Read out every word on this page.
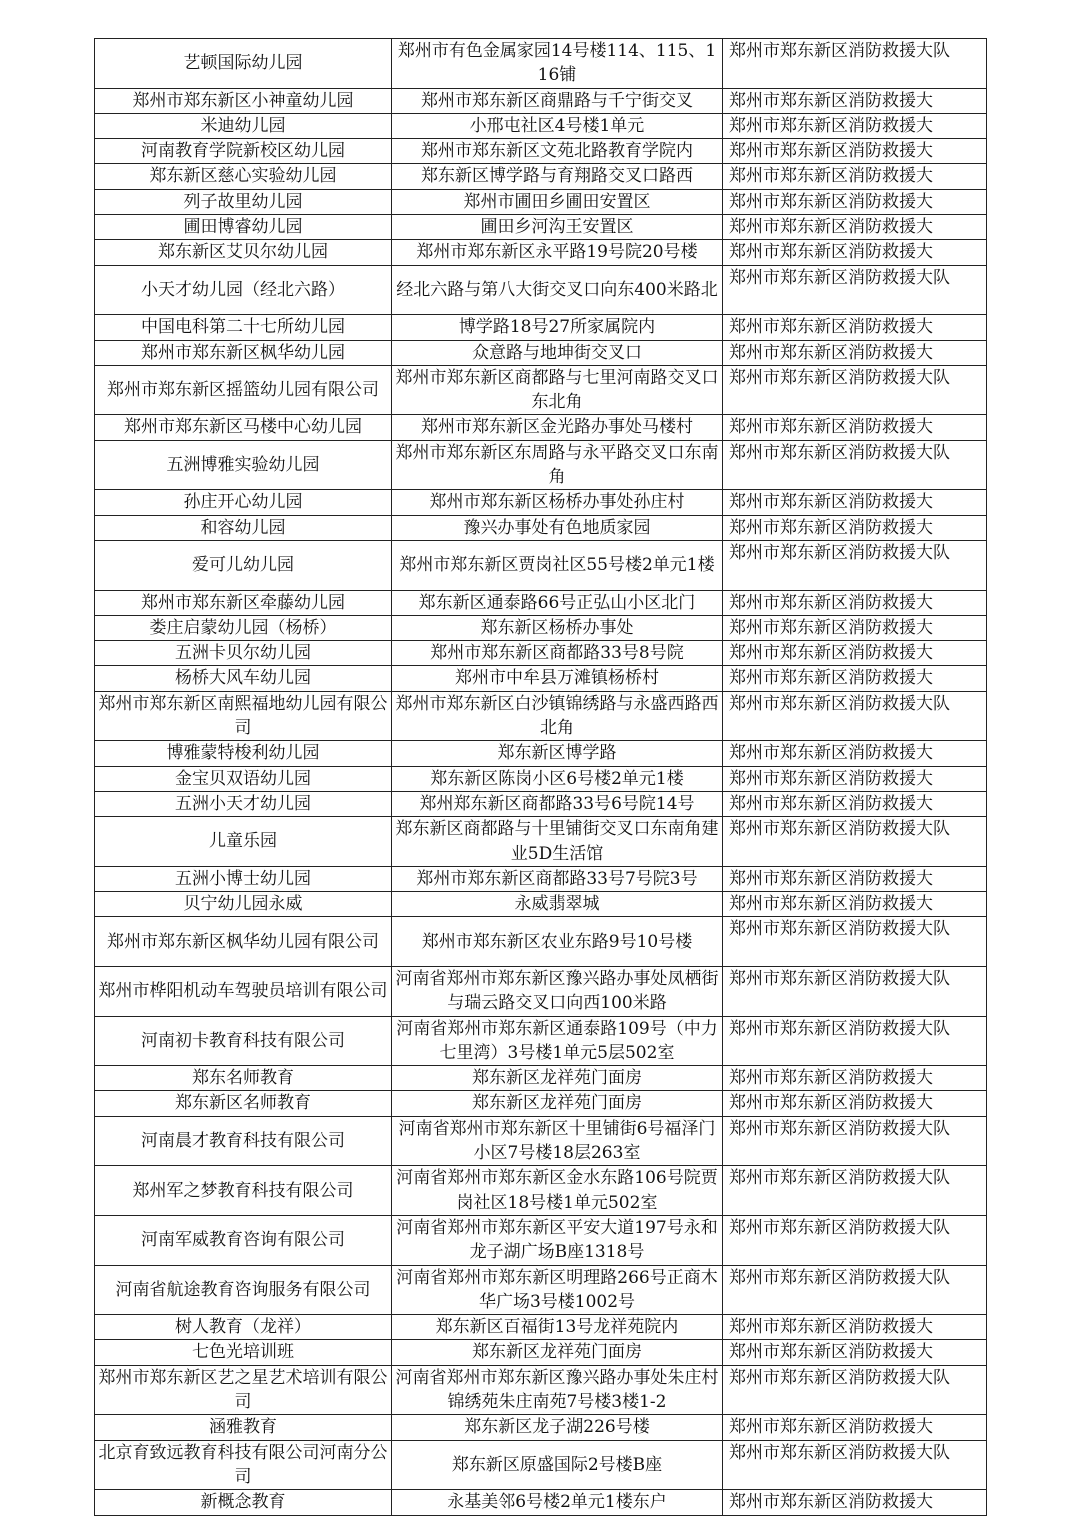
艺顿国际幼儿园	郑州市有色金属家园14号楼114、115、116铺	郑州市郑东新区消防救援大队
郑州市郑东新区小神童幼儿园	郑州市郑东新区商鼎路与千宁街交叉	郑州市郑东新区消防救援大
米迪幼儿园	小邢屯社区4号楼1单元	郑州市郑东新区消防救援大
河南教育学院新校区幼儿园	郑州市郑东新区文苑北路教育学院内	郑州市郑东新区消防救援大
郑东新区慈心实验幼儿园	郑东新区博学路与育翔路交叉口路西	郑州市郑东新区消防救援大
列子故里幼儿园	郑州市圃田乡圃田安置区	郑州市郑东新区消防救援大
圃田博睿幼儿园	圃田乡河沟王安置区	郑州市郑东新区消防救援大
郑东新区艾贝尔幼儿园	郑州市郑东新区永平路19号院20号楼	郑州市郑东新区消防救援大
小天才幼儿园（经北六路）	经北六路与第八大街交叉口向东400米路北	郑州市郑东新区消防救援大队
中国电科第二十七所幼儿园	博学路18号27所家属院内	郑州市郑东新区消防救援大
郑州市郑东新区枫华幼儿园	众意路与地坤街交叉口	郑州市郑东新区消防救援大
郑州市郑东新区摇篮幼儿园有限公司	郑州市郑东新区商都路与七里河南路交叉口东北角	郑州市郑东新区消防救援大队
郑州市郑东新区马楼中心幼儿园	郑州市郑东新区金光路办事处马楼村	郑州市郑东新区消防救援大
五洲博雅实验幼儿园	郑州市郑东新区东周路与永平路交叉口东南角	郑州市郑东新区消防救援大队
孙庄开心幼儿园	郑州市郑东新区杨桥办事处孙庄村	郑州市郑东新区消防救援大
和容幼儿园	豫兴办事处有色地质家园	郑州市郑东新区消防救援大
爱可儿幼儿园	郑州市郑东新区贾岗社区55号楼2单元1楼	郑州市郑东新区消防救援大队
郑州市郑东新区牵藤幼儿园	郑东新区通泰路66号正弘山小区北门	郑州市郑东新区消防救援大
娄庄启蒙幼儿园（杨桥）	郑东新区杨桥办事处	郑州市郑东新区消防救援大
五洲卡贝尔幼儿园	郑州市郑东新区商都路33号8号院	郑州市郑东新区消防救援大
杨桥大风车幼儿园	郑州市中牟县万滩镇杨桥村	郑州市郑东新区消防救援大
郑州市郑东新区南熙福地幼儿园有限公司	郑州市郑东新区白沙镇锦绣路与永盛西路西北角	郑州市郑东新区消防救援大队
博雅蒙特梭利幼儿园	郑东新区博学路	郑州市郑东新区消防救援大
金宝贝双语幼儿园	郑东新区陈岗小区6号楼2单元1楼	郑州市郑东新区消防救援大
五洲小天才幼儿园	郑州郑东新区商都路33号6号院14号	郑州市郑东新区消防救援大
儿童乐园	郑东新区商都路与十里铺街交叉口东南角建业5D生活馆	郑州市郑东新区消防救援大队
五洲小博士幼儿园	郑州市郑东新区商都路33号7号院3号	郑州市郑东新区消防救援大
贝宁幼儿园永威	永威翡翠城	郑州市郑东新区消防救援大
郑州市郑东新区枫华幼儿园有限公司	郑州市郑东新区农业东路9号10号楼	郑州市郑东新区消防救援大队
郑州市桦阳机动车驾驶员培训有限公司	河南省郑州市郑东新区豫兴路办事处凤栖街与瑞云路交叉口向西100米路	郑州市郑东新区消防救援大队
河南初卡教育科技有限公司	河南省郑州市郑东新区通泰路109号（中力七里湾）3号楼1单元5层502室	郑州市郑东新区消防救援大队
郑东名师教育	郑东新区龙祥苑门面房	郑州市郑东新区消防救援大
郑东新区名师教育	郑东新区龙祥苑门面房	郑州市郑东新区消防救援大
河南晨才教育科技有限公司	河南省郑州市郑东新区十里铺街6号福泽门小区7号楼18层263室	郑州市郑东新区消防救援大队
郑州军之梦教育科技有限公司	河南省郑州市郑东新区金水东路106号院贾岗社区18号楼1单元502室	郑州市郑东新区消防救援大队
河南军威教育咨询有限公司	河南省郑州市郑东新区平安大道197号永和龙子湖广场B座1318号	郑州市郑东新区消防救援大队
河南省航途教育咨询服务有限公司	河南省郑州市郑东新区明理路266号正商木华广场3号楼1002号	郑州市郑东新区消防救援大队
树人教育（龙祥）	郑东新区百福街13号龙祥苑院内	郑州市郑东新区消防救援大
七色光培训班	郑东新区龙祥苑门面房	郑州市郑东新区消防救援大
郑州市郑东新区艺之星艺术培训有限公司	河南省郑州市郑东新区豫兴路办事处朱庄村锦绣苑朱庄南苑7号楼3楼1-2	郑州市郑东新区消防救援大队
涵雅教育	郑东新区龙子湖226号楼	郑州市郑东新区消防救援大
北京育致远教育科技有限公司河南分公司	郑东新区原盛国际2号楼B座	郑州市郑东新区消防救援大队
新概念教育	永基美邻6号楼2单元1楼东户	郑州市郑东新区消防救援大
